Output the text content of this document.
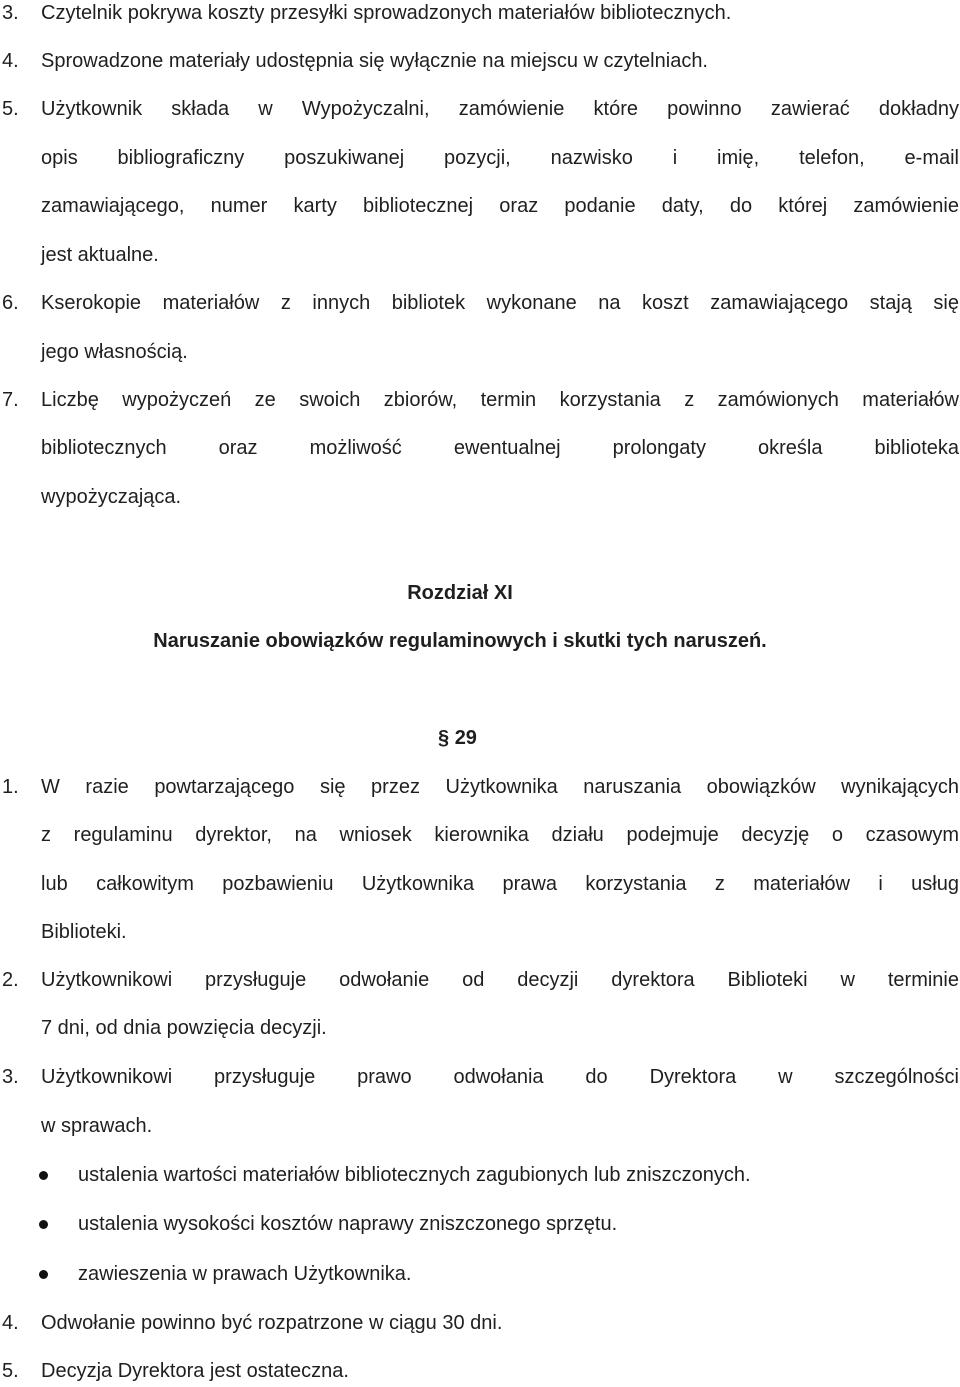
3. Czytelnik pokrywa koszty przesyłki sprowadzonych materiałów bibliotecznych.
4. Sprowadzone materiały udostępnia się wyłącznie na miejscu w czytelniach.
5. Użytkownik składa w Wypożyczalni, zamówienie które powinno zawierać dokładny
opis bibliograficzny poszukiwanej pozycji, nazwisko i imię, telefon, e-mail
zamawiającego, numer karty bibliotecznej oraz podanie daty, do której zamówienie
jest aktualne.
6. Kserokopie materiałów z innych bibliotek wykonane na koszt zamawiającego stają się
jego własnością.
7. Liczbę wypożyczeń ze swoich zbiorów, termin korzystania z zamówionych materiałów
bibliotecznych oraz możliwość ewentualnej prolongaty określa biblioteka
wypożyczająca.
Rozdział XI
Naruszanie obowiązków regulaminowych i skutki tych naruszeń.
§ 29
1. W razie powtarzającego się przez Użytkownika naruszania obowiązków wynikających
z regulaminu dyrektor, na wniosek kierownika działu podejmuje decyzję o czasowym
lub całkowitym pozbawieniu Użytkownika prawa korzystania z materiałów i usług
Biblioteki.
2. Użytkownikowi przysługuje odwołanie od decyzji dyrektora Biblioteki w terminie
7 dni, od dnia powzięcia decyzji.
3. Użytkownikowi przysługuje prawo odwołania do Dyrektora w szczególności
w sprawach.
ustalenia wartości materiałów bibliotecznych zagubionych lub zniszczonych.
ustalenia wysokości kosztów naprawy zniszczonego sprzętu.
zawieszenia w prawach Użytkownika.
4. Odwołanie powinno być rozpatrzone w ciągu 30 dni.
5. Decyzja Dyrektora jest ostateczna.
